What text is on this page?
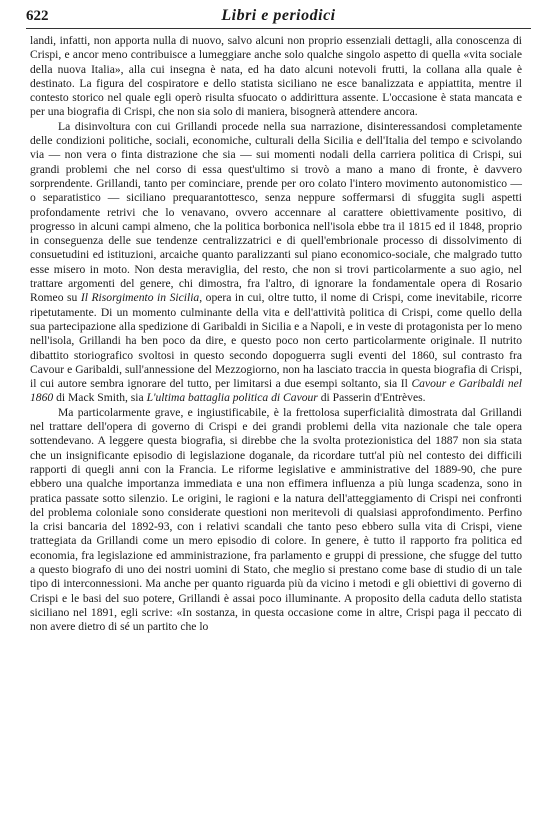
622	Libri e periodici

landi, infatti, non apporta nulla di nuovo, salvo alcuni non proprio essenziali dettagli, alla conoscenza di Crispi, e ancor meno contribuisce a lumeggiare anche solo qualche singolo aspetto di quella «vita sociale della nuova Italia», alla cui insegna è nata, ed ha dato alcuni notevoli frutti, la collana alla quale è destinato. La figura del cospiratore e dello statista siciliano ne esce banalizzata e appiattita, mentre il contesto storico nel quale egli operò risulta sfuocato o addirittura assente. L'occasione è stata mancata e per una biografia di Crispi, che non sia solo di maniera, bisognerà attendere ancora.

La disinvoltura con cui Grillandi procede nella sua narrazione, disinteressandosi completamente delle condizioni politiche, sociali, economiche, culturali della Sicilia e dell'Italia del tempo e scivolando via — non vera o finta distrazione che sia — sui momenti nodali della carriera politica di Crispi, sui grandi problemi che nel corso di essa quest'ultimo si trovò a mano a mano di fronte, è davvero sorprendente. Grillandi, tanto per cominciare, prende per oro colato l'intero movimento autonomistico — o separatistico — siciliano prequarantottesco, senza neppure soffermarsi di sfuggita sugli aspetti profondamente retrivi che lo venavano, ovvero accennare al carattere obiettivamente positivo, di progresso in alcuni campi almeno, che la politica borbonica nell'isola ebbe tra il 1815 ed il 1848, proprio in conseguenza delle sue tendenze centralizzatrici e di quell'embrionale processo di dissolvimento di consuetudini ed istituzioni, arcaiche quanto paralizzanti sul piano economico-sociale, che malgrado tutto esse misero in moto. Non desta meraviglia, del resto, che non si trovi particolarmente a suo agio, nel trattare argomenti del genere, chi dimostra, fra l'altro, di ignorare la fondamentale opera di Rosario Romeo su Il Risorgimento in Sicilia, opera in cui, oltre tutto, il nome di Crispi, come inevitabile, ricorre ripetutamente. Di un momento culminante della vita e dell'attività politica di Crispi, come quello della sua partecipazione alla spedizione di Garibaldi in Sicilia e a Napoli, e in veste di protagonista per lo meno nell'isola, Grillandi ha ben poco da dire, e questo poco non certo particolarmente originale. Il nutrito dibattito storiografico svoltosi in questo secondo dopoguerra sugli eventi del 1860, sul contrasto fra Cavour e Garibaldi, sull'annessione del Mezzogiorno, non ha lasciato traccia in questa biografia di Crispi, il cui autore sembra ignorare del tutto, per limitarsi a due esempi soltanto, sia Il Cavour e Garibaldi nel 1860 di Mack Smith, sia L'ultima battaglia politica di Cavour di Passerin d'Entrèves.

Ma particolarmente grave, e ingiustificabile, è la frettolosa superficialità dimostrata dal Grillandi nel trattare dell'opera di governo di Crispi e dei grandi problemi della vita nazionale che tale opera sottendevano. A leggere questa biografia, si direbbe che la svolta protezionistica del 1887 non sia stata che un insignificante episodio di legislazione doganale, da ricordare tutt'al più nel contesto dei difficili rapporti di quegli anni con la Francia. Le riforme legislative e amministrative del 1889-90, che pure ebbero una qualche importanza immediata e una non effimera influenza a più lunga scadenza, sono in pratica passate sotto silenzio. Le origini, le ragioni e la natura dell'atteggiamento di Crispi nei confronti del problema coloniale sono considerate questioni non meritevoli di qualsiasi approfondimento. Perfino la crisi bancaria del 1892-93, con i relativi scandali che tanto peso ebbero sulla vita di Crispi, viene trattegiata da Grillandi come un mero episodio di colore. In genere, è tutto il rapporto fra politica ed economia, fra legislazione ed amministrazione, fra parlamento e gruppi di pressione, che sfugge del tutto a questo biografo di uno dei nostri uomini di Stato, che meglio si prestano come base di studio di un tale tipo di interconnessioni. Ma anche per quanto riguarda più da vicino i metodi e gli obiettivi di governo di Crispi e le basi del suo potere, Grillandi è assai poco illuminante. A proposito della caduta dello statista siciliano nel 1891, egli scrive: «In sostanza, in questa occasione come in altre, Crispi paga il peccato di non avere dietro di sé un partito che lo
